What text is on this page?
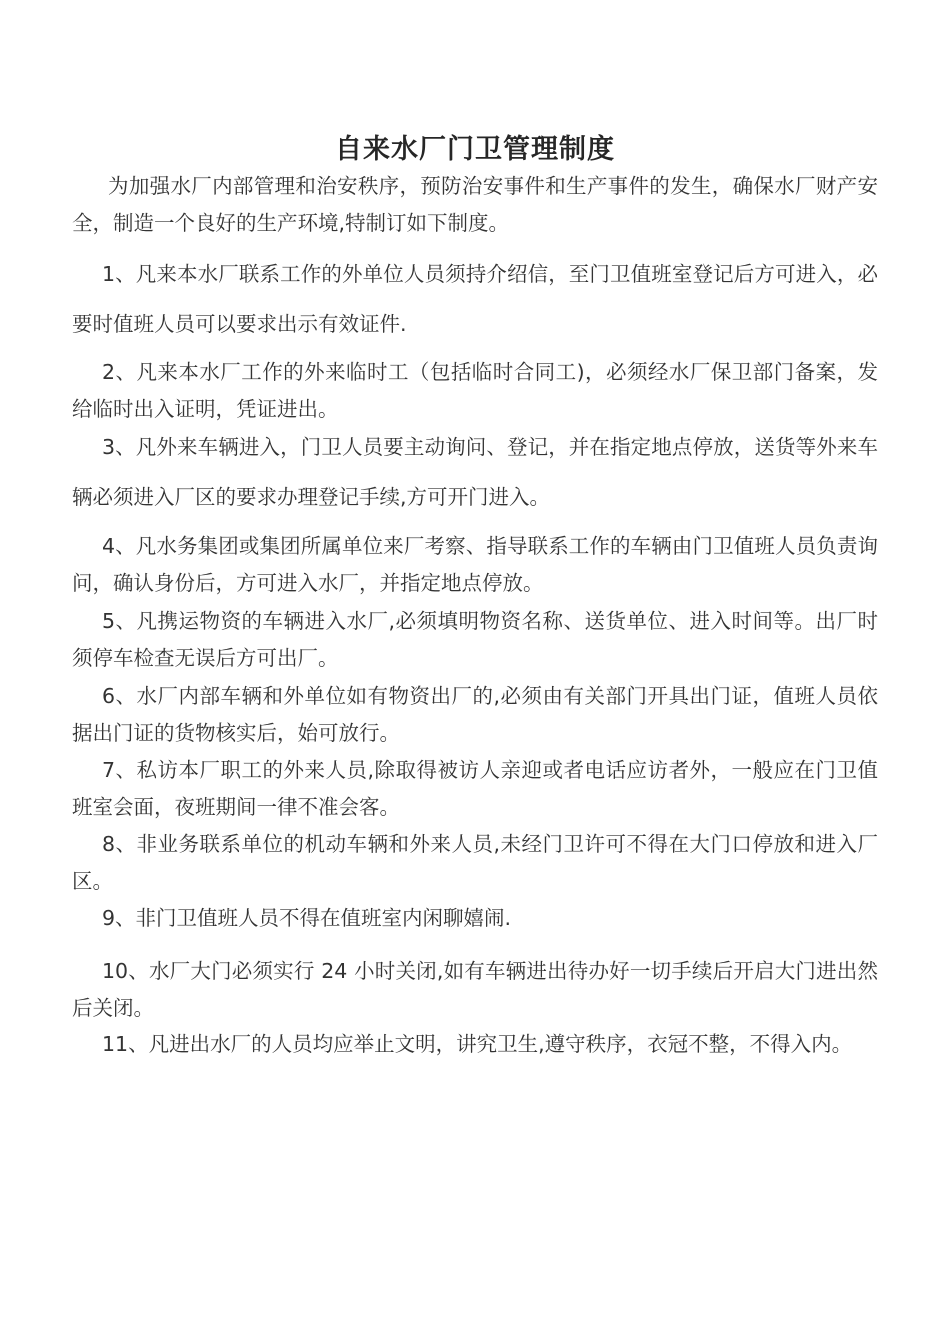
自来水厂门卫管理制度

为加强水厂内部管理和治安秩序，预防治安事件和生产事件的发生，确保水厂财产安全，制造一个良好的生产环境,特制订如下制度。

1、凡来本水厂联系工作的外单位人员须持介绍信，至门卫值班室登记后方可进入，必要时值班人员可以要求出示有效证件.

2、凡来本水厂工作的外来临时工（包括临时合同工)，必须经水厂保卫部门备案，发给临时出入证明，凭证进出。

3、凡外来车辆进入，门卫人员要主动询问、登记，并在指定地点停放，送货等外来车辆必须进入厂区的要求办理登记手续,方可开门进入。

4、凡水务集团或集团所属单位来厂考察、指导联系工作的车辆由门卫值班人员负责询问，确认身份后，方可进入水厂，并指定地点停放。

5、凡携运物资的车辆进入水厂,必须填明物资名称、送货单位、进入时间等。出厂时须停车检查无误后方可出厂。

6、水厂内部车辆和外单位如有物资出厂的,必须由有关部门开具出门证，值班人员依据出门证的货物核实后，始可放行。

7、私访本厂职工的外来人员,除取得被访人亲迎或者电话应访者外，一般应在门卫值班室会面，夜班期间一律不准会客。

8、非业务联系单位的机动车辆和外来人员,未经门卫许可不得在大门口停放和进入厂区。

9、非门卫值班人员不得在值班室内闲聊嬉闹.

10、水厂大门必须实行 24 小时关闭,如有车辆进出待办好一切手续后开启大门进出然后关闭。

11、凡进出水厂的人员均应举止文明，讲究卫生,遵守秩序，衣冠不整，不得入内。
